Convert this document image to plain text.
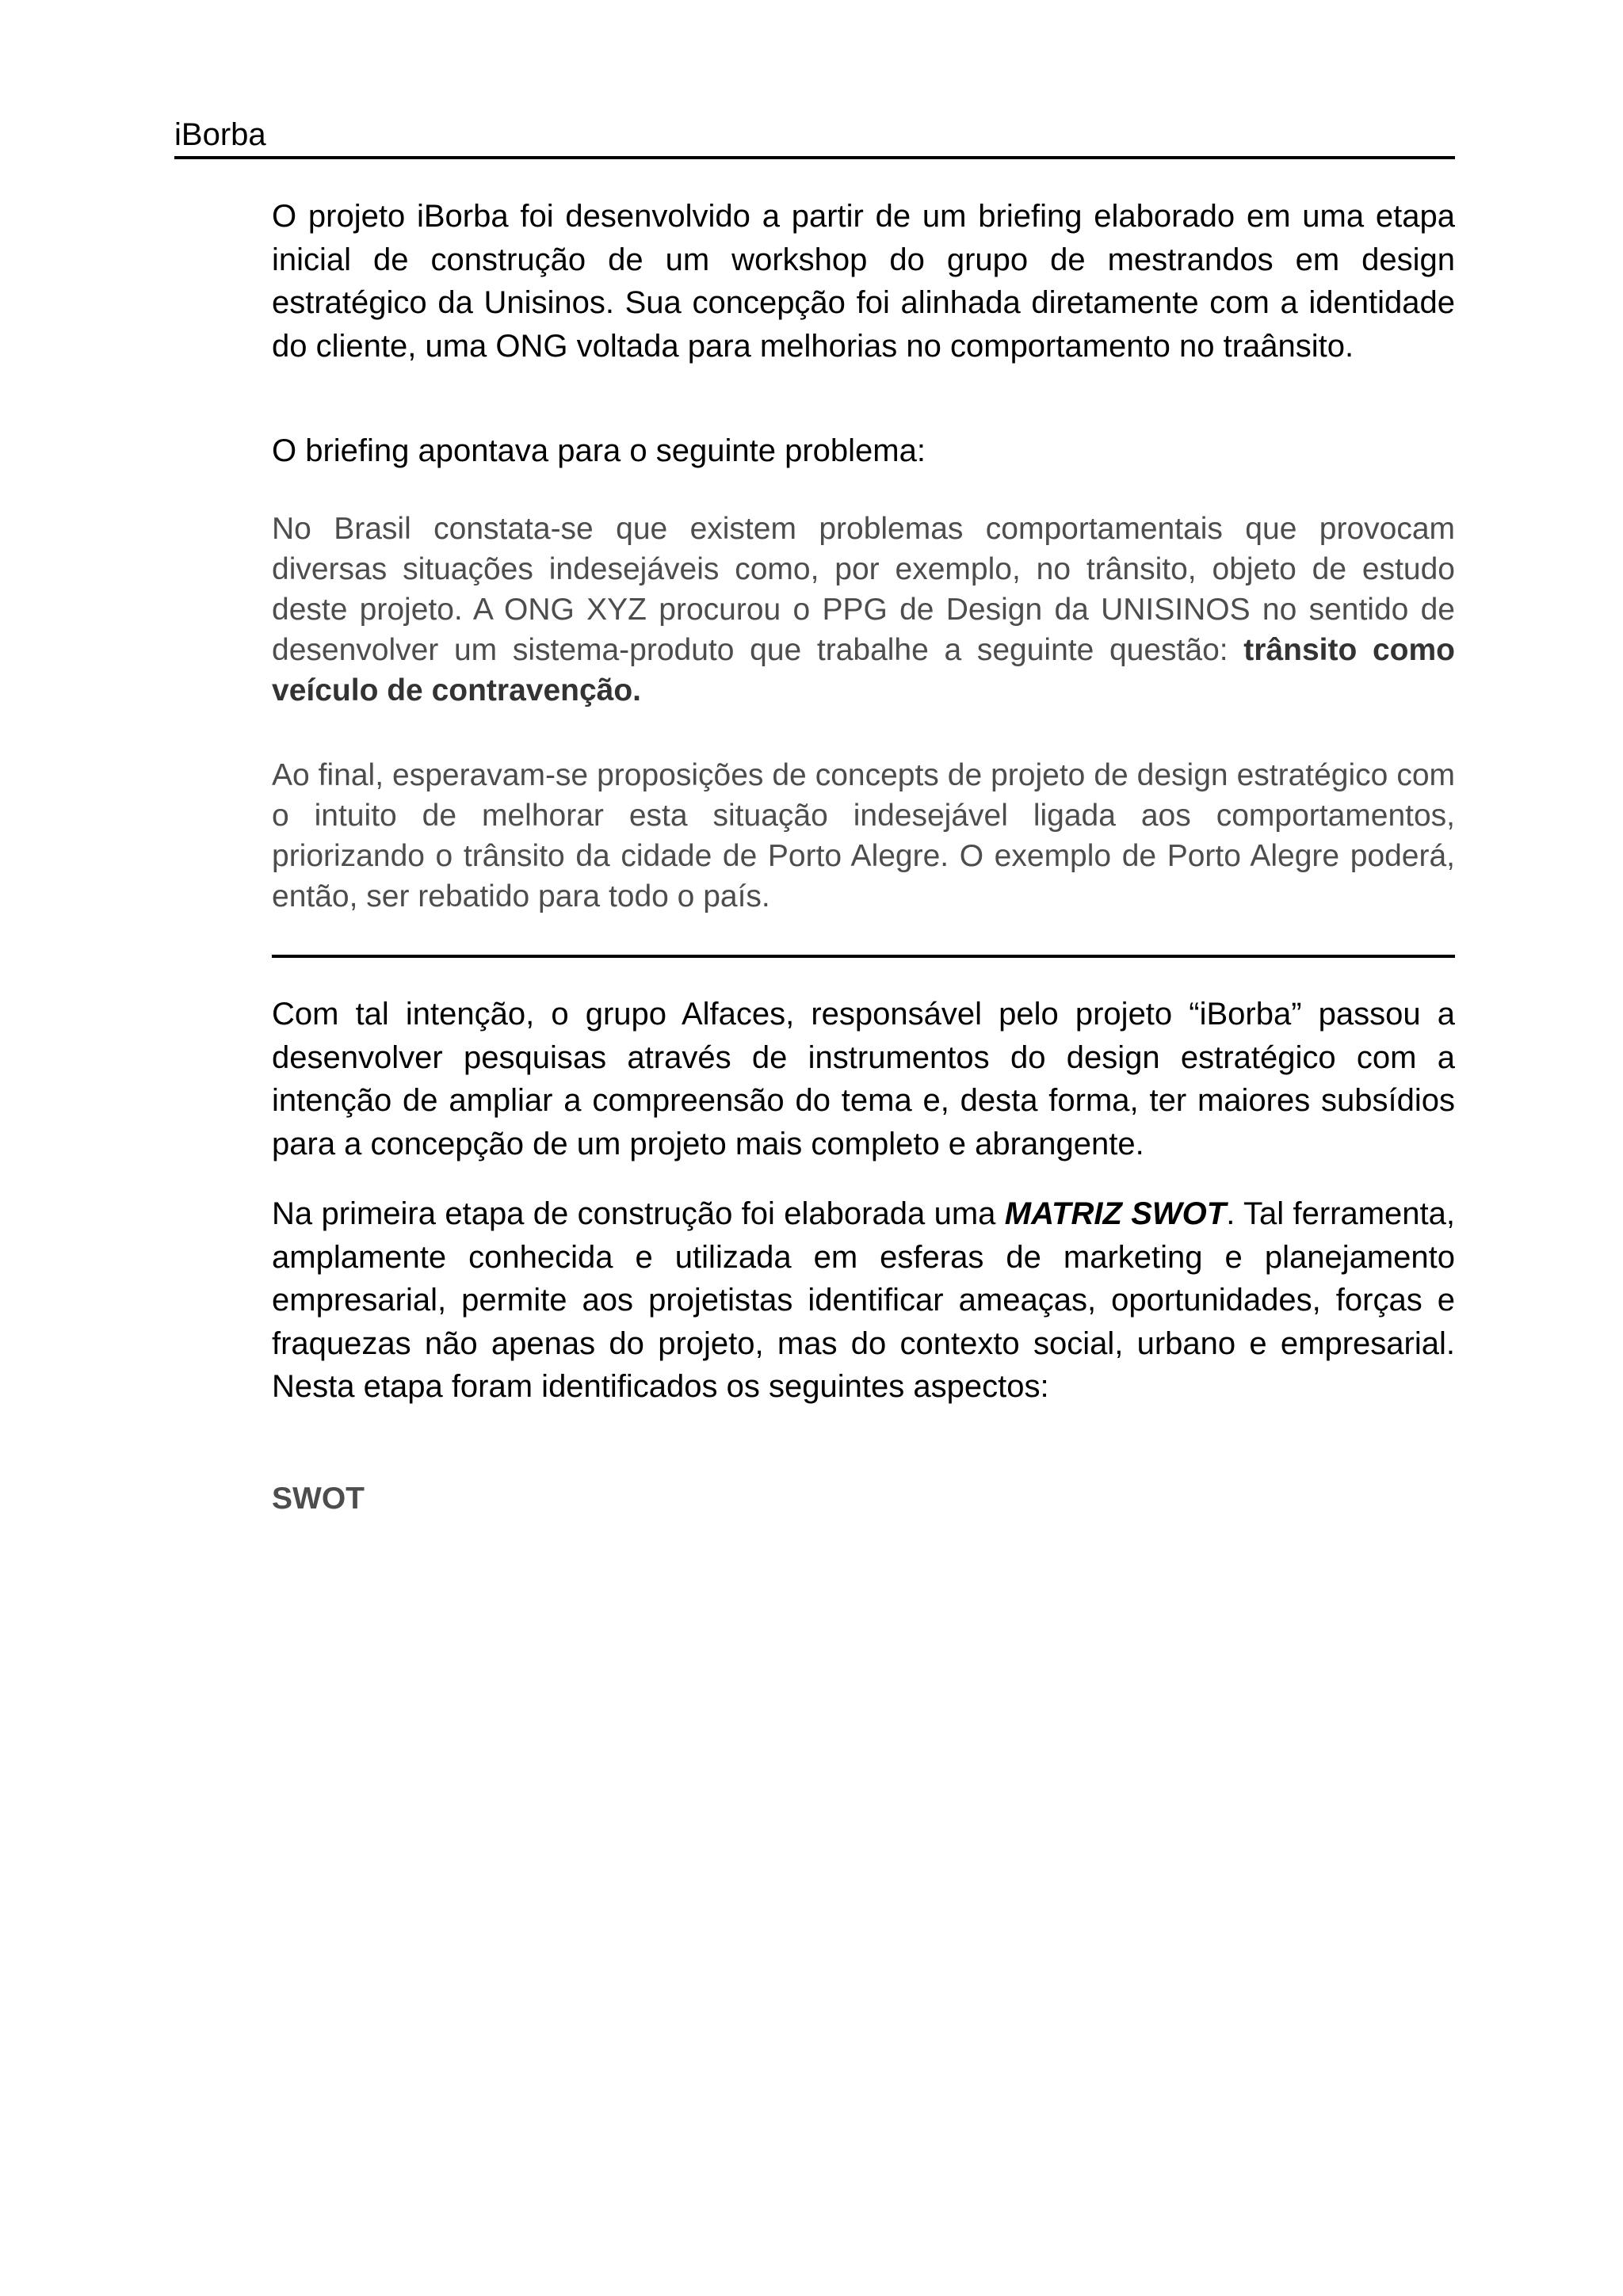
iBorba

O projeto iBorba foi desenvolvido a partir de um briefing elaborado em uma etapa inicial de construção de um workshop do grupo de mestrandos em design estratégico da Unisinos. Sua concepção foi alinhada diretamente com a identidade do cliente, uma ONG voltada para melhorias no comportamento no traânsito.

O briefing apontava para o seguinte problema:

No Brasil constata-se que existem problemas comportamentais que provocam diversas situações indesejáveis como, por exemplo, no trânsito, objeto de estudo deste projeto. A ONG XYZ procurou o PPG de Design da UNISINOS no sentido de desenvolver um sistema-produto que trabalhe a seguinte questão: trânsito como veículo de contravenção.

Ao final, esperavam-se proposições de concepts de projeto de design estratégico com o intuito de melhorar esta situação indesejável ligada aos comportamentos, priorizando o trânsito da cidade de Porto Alegre. O exemplo de Porto Alegre poderá, então, ser rebatido para todo o país.

Com tal intenção, o grupo Alfaces, responsável pelo projeto “iBorba” passou a desenvolver pesquisas através de instrumentos do design estratégico com a intenção de ampliar a compreensão do tema e, desta forma, ter maiores subsídios para a concepção de um projeto mais completo e abrangente.

Na primeira etapa de construção foi elaborada uma MATRIZ SWOT. Tal ferramenta, amplamente conhecida e utilizada em esferas de marketing e planejamento empresarial, permite aos projetistas identificar ameaças, oportunidades, forças e fraquezas não apenas do projeto, mas do contexto social, urbano e empresarial. Nesta etapa foram identificados os seguintes aspectos:

SWOT
